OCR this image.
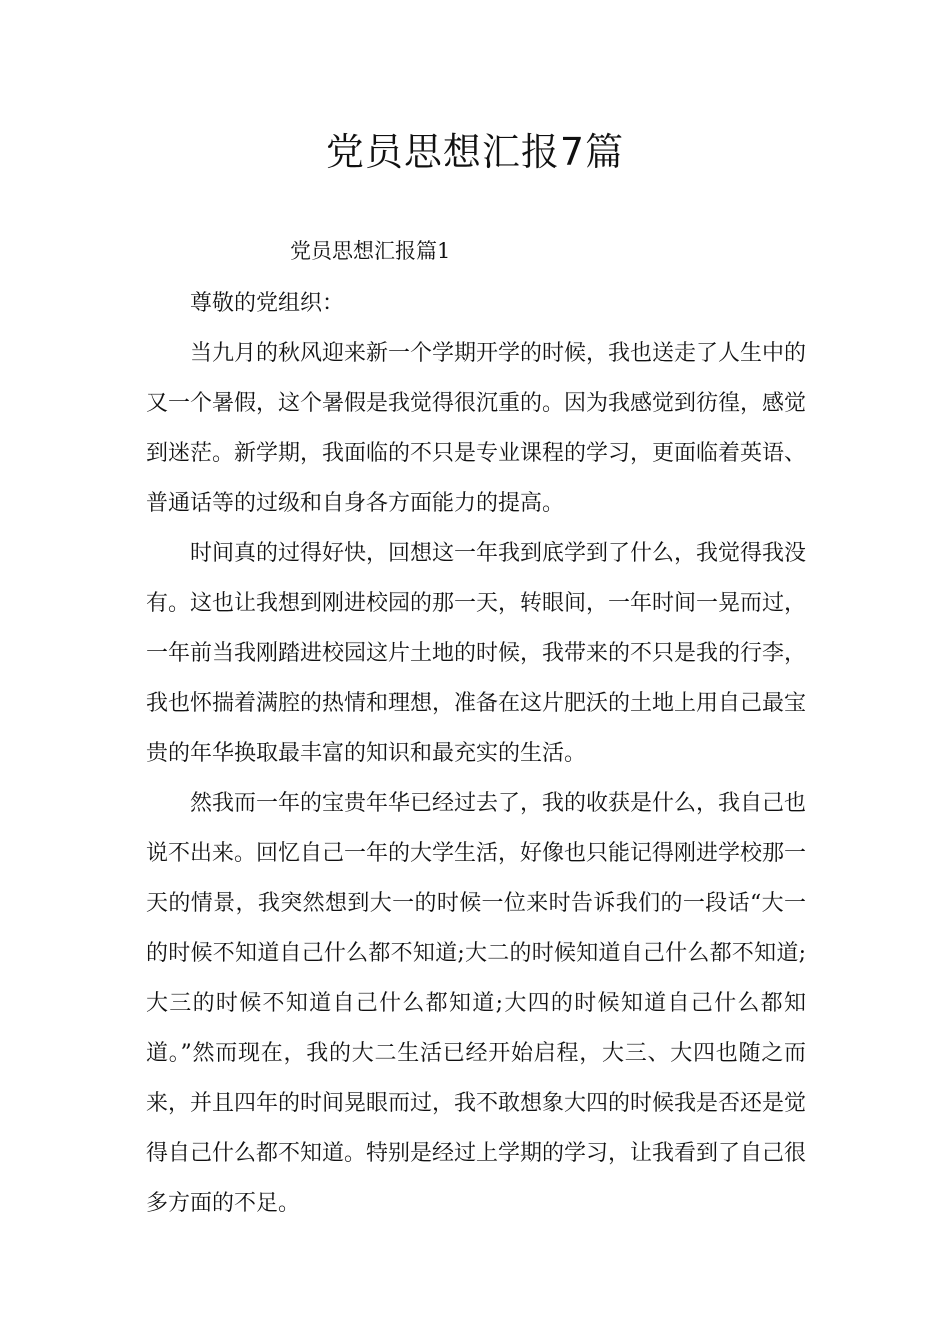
党员思想汇报7篇
党员思想汇报篇1

尊敬的党组织：

当九月的秋风迎来新一个学期开学的时候，我也送走了人生中的又一个暑假，这个暑假是我觉得很沉重的。因为我感觉到彷徨，感觉到迷茫。新学期，我面临的不只是专业课程的学习，更面临着英语、普通话等的过级和自身各方面能力的提高。

时间真的过得好快，回想这一年我到底学到了什么，我觉得我没有。这也让我想到刚进校园的那一天，转眼间，一年时间一晃而过，一年前当我刚踏进校园这片土地的时候，我带来的不只是我的行李，我也怀揣着满腔的热情和理想，准备在这片肥沃的土地上用自己最宝贵的年华换取最丰富的知识和最充实的生活。

然我而一年的宝贵年华已经过去了，我的收获是什么，我自己也说不出来。回忆自己一年的大学生活，好像也只能记得刚进学校那一天的情景，我突然想到大一的时候一位来时告诉我们的一段话“大一的时候不知道自己什么都不知道;大二的时候知道自己什么都不知道;大三的时候不知道自己什么都知道;大四的时候知道自己什么都知道。”然而现在，我的大二生活已经开始启程，大三、大四也随之而来，并且四年的时间晃眼而过，我不敢想象大四的时候我是否还是觉得自己什么都不知道。特别是经过上学期的学习，让我看到了自己很多方面的不足。
